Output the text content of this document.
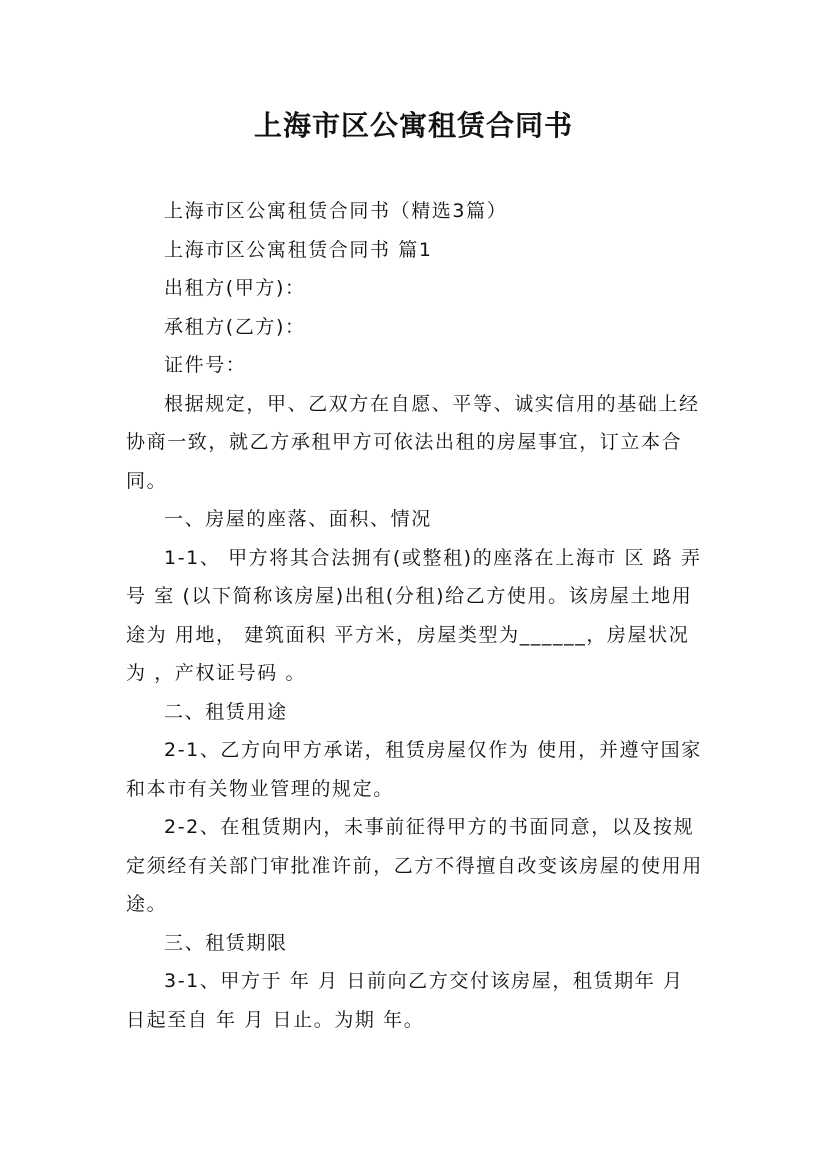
上海市区公寓租赁合同书

上海市区公寓租赁合同书（精选3篇）

上海市区公寓租赁合同书 篇1

出租方(甲方)：

承租方(乙方)：

证件号：

根据规定，甲、乙双方在自愿、平等、诚实信用的基础上经协商一致，就乙方承租甲方可依法出租的房屋事宜，订立本合同。

一、房屋的座落、面积、情况

1-1、 甲方将其合法拥有(或整租)的座落在上海市 区 路 弄 号 室 (以下简称该房屋)出租(分租)给乙方使用。该房屋土地用途为 用地， 建筑面积 平方米，房屋类型为______，房屋状况为 ，产权证号码 。

二、租赁用途

2-1、乙方向甲方承诺，租赁房屋仅作为 使用，并遵守国家和本市有关物业管理的规定。

2-2、在租赁期内，未事前征得甲方的书面同意，以及按规定须经有关部门审批准许前，乙方不得擅自改变该房屋的使用用途。

三、租赁期限

3-1、甲方于 年 月 日前向乙方交付该房屋，租赁期年 月 日起至自 年 月 日止。为期 年。
